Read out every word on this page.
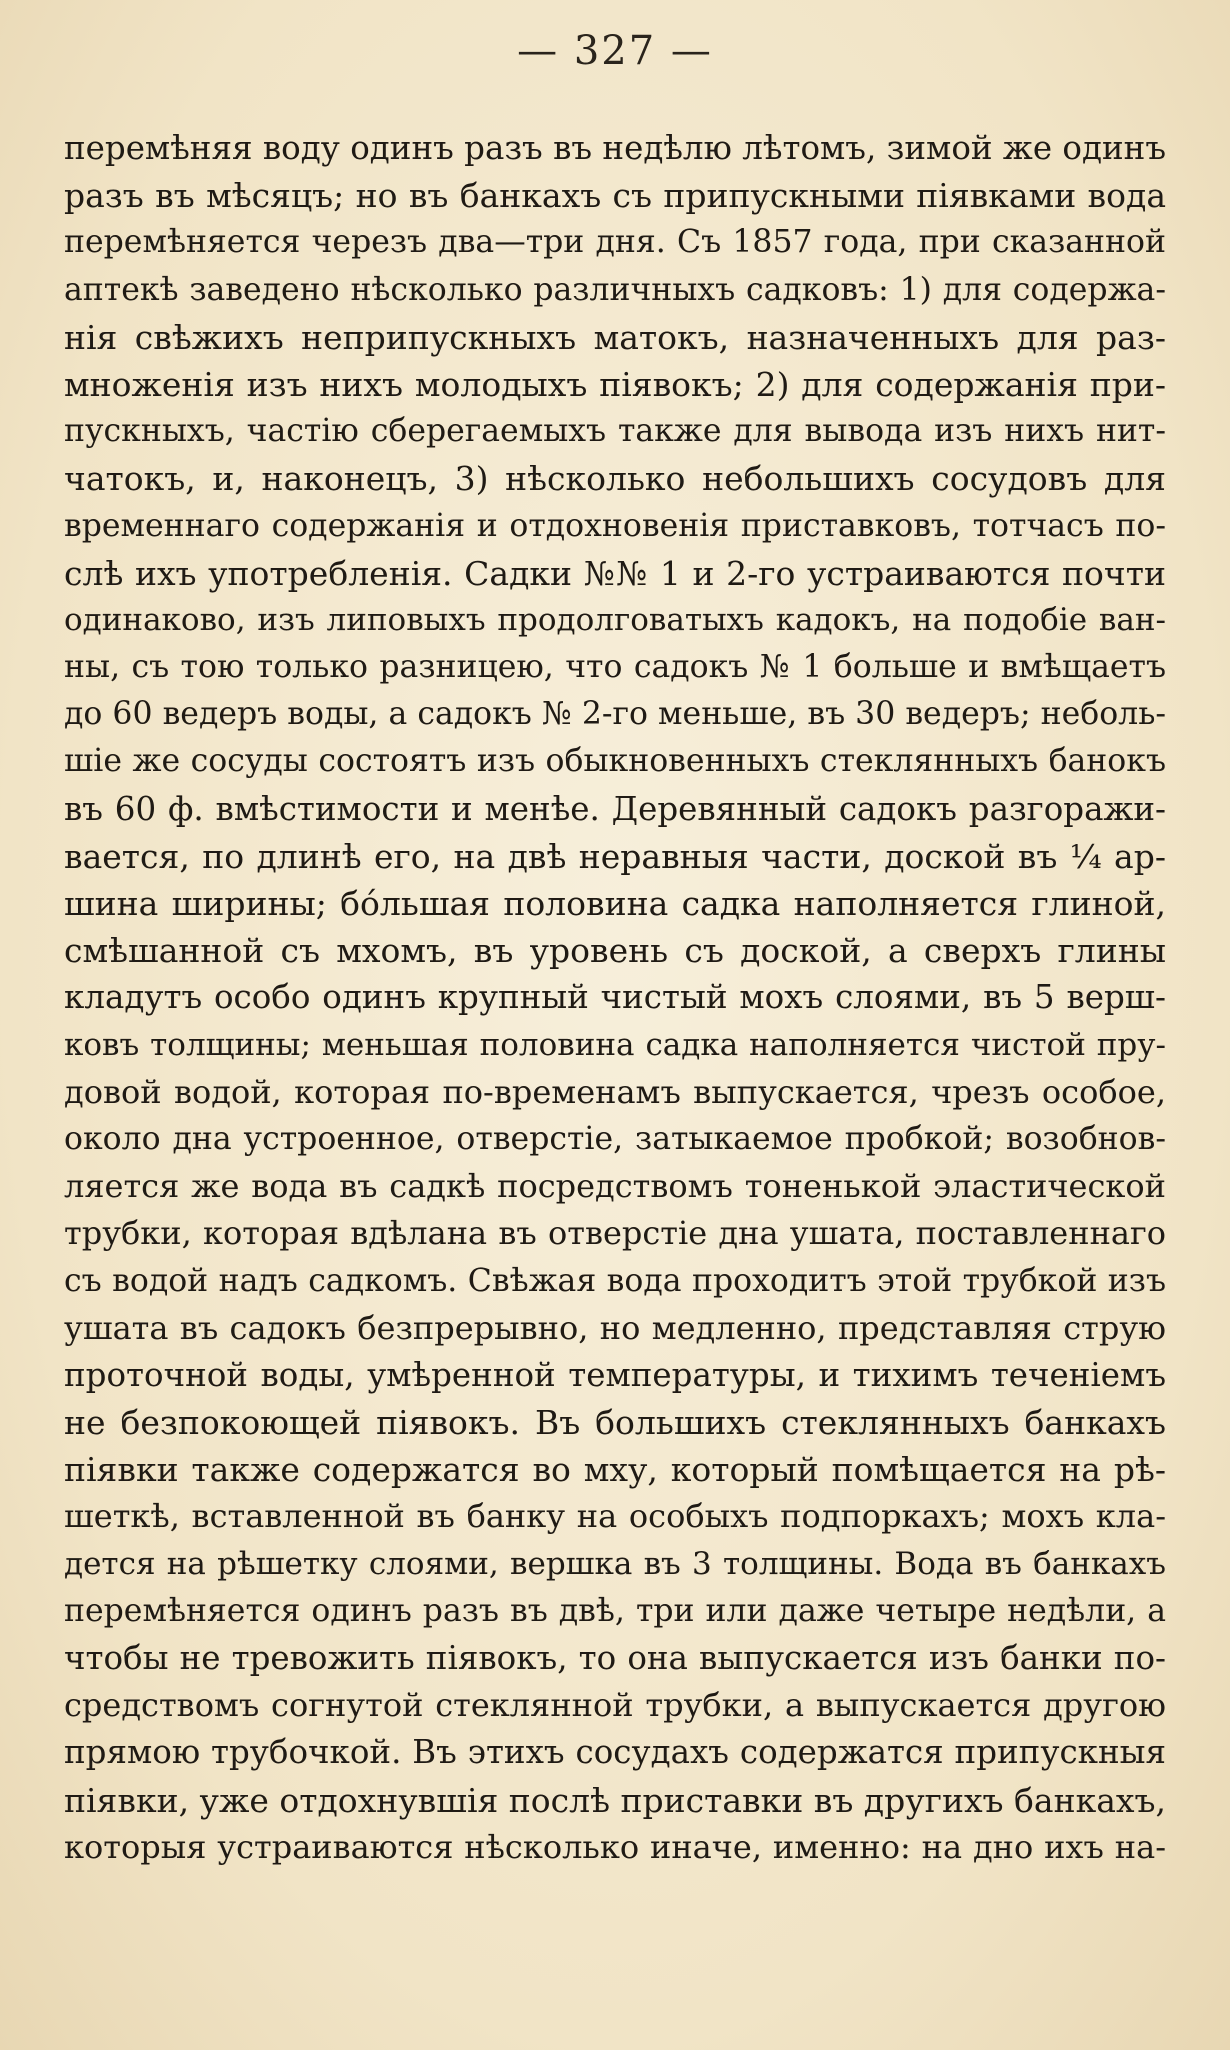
— 327 —
перемѣняя воду одинъ разъ въ недѣлю лѣтомъ, зимой же одинъ
разъ въ мѣсяцъ; но въ банкахъ съ припускными піявками вода
перемѣняется черезъ два—три дня. Съ 1857 года, при сказанной
аптекѣ заведено нѣсколько различныхъ садковъ: 1) для содержа-
нія свѣжихъ неприпускныхъ матокъ, назначенныхъ для раз-
множенія изъ нихъ молодыхъ піявокъ; 2) для содержанія при-
пускныхъ, частію сберегаемыхъ также для вывода изъ нихъ нит-
чатокъ, и, наконецъ, 3) нѣсколько небольшихъ сосудовъ для
временнаго содержанія и отдохновенія приставковъ, тотчасъ по-
слѣ ихъ употребленія. Садки №№ 1 и 2-го устраиваются почти
одинаково, изъ липовыхъ продолговатыхъ кадокъ, на подобіе ван-
ны, съ тою только разницею, что садокъ № 1 больше и вмѣщаетъ
до 60 ведеръ воды, а садокъ № 2-го меньше, въ 30 ведеръ; неболь-
шіе же сосуды состоятъ изъ обыкновенныхъ стеклянныхъ банокъ
въ 60 ф. вмѣстимости и менѣе. Деревянный садокъ разгоражи-
вается, по длинѣ его, на двѣ неравныя части, доской въ ¼ ар-
шина ширины; бóльшая половина садка наполняется глиной,
смѣшанной съ мхомъ, въ уровень съ доской, а сверхъ глины
кладутъ особо одинъ крупный чистый мохъ слоями, въ 5 верш-
ковъ толщины; меньшая половина садка наполняется чистой пру-
довой водой, которая по-временамъ выпускается, чрезъ особое,
около дна устроенное, отверстіе, затыкаемое пробкой; возобнов-
ляется же вода въ садкѣ посредствомъ тоненькой эластической
трубки, которая вдѣлана въ отверстіе дна ушата, поставленнаго
съ водой надъ садкомъ. Свѣжая вода проходитъ этой трубкой изъ
ушата въ садокъ безпрерывно, но медленно, представляя струю
проточной воды, умѣренной температуры, и тихимъ теченіемъ
не безпокоющей піявокъ. Въ большихъ стеклянныхъ банкахъ
піявки также содержатся во мху, который помѣщается на рѣ-
шеткѣ, вставленной въ банку на особыхъ подпоркахъ; мохъ кла-
дется на рѣшетку слоями, вершка въ 3 толщины. Вода въ банкахъ
перемѣняется одинъ разъ въ двѣ, три или даже четыре недѣли, а
чтобы не тревожить піявокъ, то она выпускается изъ банки по-
средствомъ согнутой стеклянной трубки, а выпускается другою
прямою трубочкой. Въ этихъ сосудахъ содержатся припускныя
піявки, уже отдохнувшія послѣ приставки въ другихъ банкахъ,
которыя устраиваются нѣсколько иначе, именно: на дно ихъ на-
